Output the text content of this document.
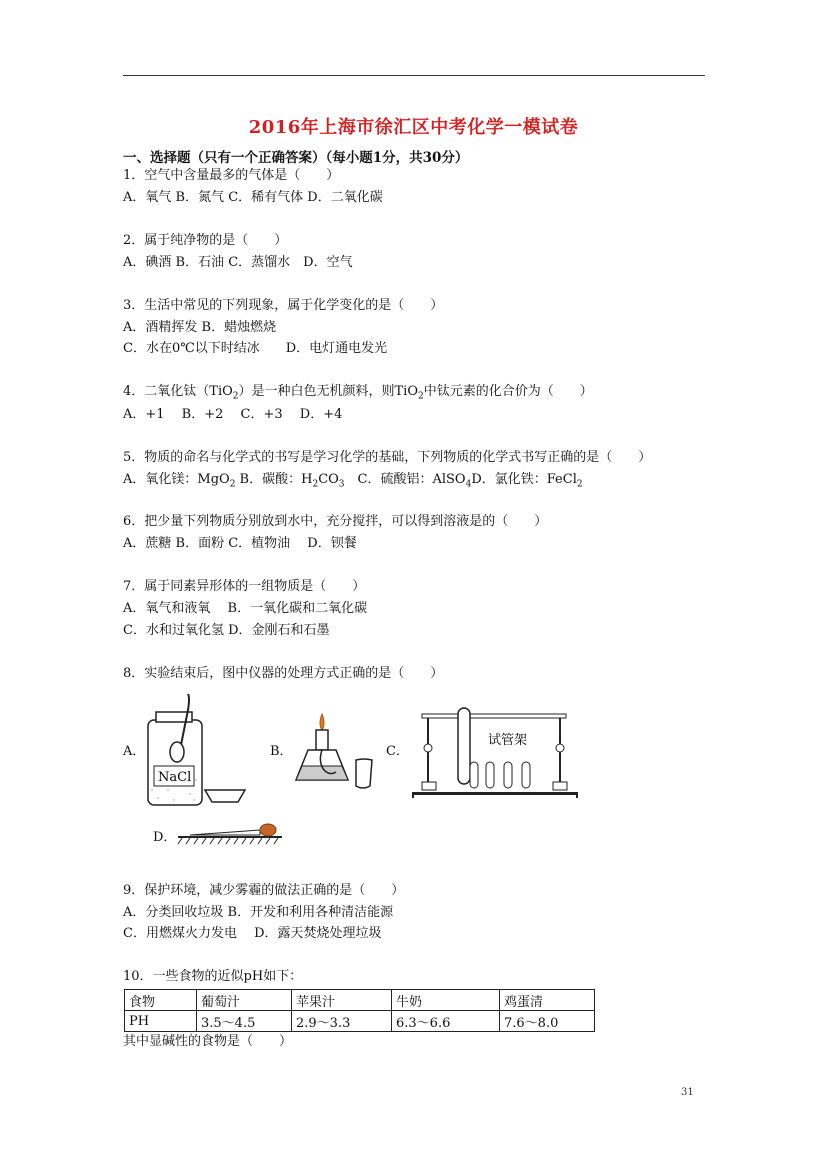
2016年上海市徐汇区中考化学一模试卷
一、选择题（只有一个正确答案）（每小题1分，共30分）
1．空气中含量最多的气体是（　　）
A．氧气 B．氮气 C．稀有气体 D．二氧化碳
2．属于纯净物的是（　　）
A．碘酒 B．石油 C．蒸馏水　D．空气
3．生活中常见的下列现象，属于化学变化的是（　　）
A．酒精挥发 B．蜡烛燃烧
C．水在0℃以下时结冰　　D．电灯通电发光
4．二氧化钛（TiO$_2$）是一种白色无机颜料，则TiO$_2$中钛元素的化合价为（　　）
A．+1　 B．+2　 C．+3　 D．+4
5．物质的命名与化学式的书写是学习化学的基础，下列物质的化学式书写正确的是（　　）
A．氧化镁：MgO$_2$ B．碳酸：$H_2CO_3$　C．硫酸铝：AlSO$_4$D．氯化铁：FeCl$_2$
6．把少量下列物质分别放到水中，充分搅拌，可以得到溶液是的（　　）
A．蔗糖 B．面粉 C．植物油　 D．钡餐
7．属于同素异形体的一组物质是（　　）
A．氧气和液氧　 B．一氧化碳和二氧化碳
C．水和过氧化氢 D．金刚石和石墨
8．实验结束后，图中仪器的处理方式正确的是（　　）
A．
NaCl
B．	C．
试管架
D．
9．保护环境，减少雾霾的做法正确的是（　　）
A．分类回收垃圾 B．开发和利用各种清洁能源
C．用燃煤火力发电　 D．露天焚烧处理垃圾
10．一些食物的近似pH如下：
食物	葡萄汁	苹果汁	牛奶	鸡蛋清
PH	3.5～4.5	2.9～3.3	6.3～6.6	7.6～8.0
其中显碱性的食物是（　　）
31
